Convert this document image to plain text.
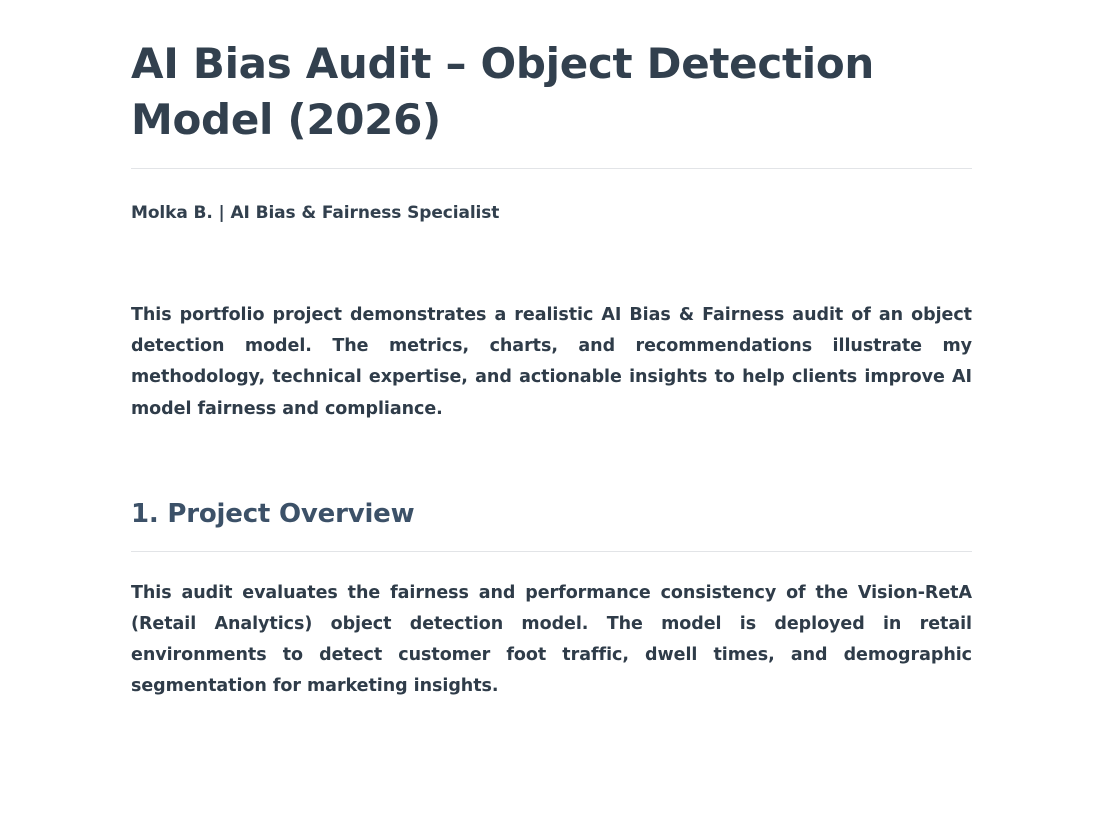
AI Bias Audit – Object Detection Model (2026)
Molka B. | AI Bias & Fairness Specialist

This portfolio project demonstrates a realistic AI Bias & Fairness audit of an object detection model. The metrics, charts, and recommendations illustrate my methodology, technical expertise, and actionable insights to help clients improve AI model fairness and compliance.

1. Project Overview

This audit evaluates the fairness and performance consistency of the Vision-RetA (Retail Analytics) object detection model. The model is deployed in retail environments to detect customer foot traffic, dwell times, and demographic segmentation for marketing insights.
